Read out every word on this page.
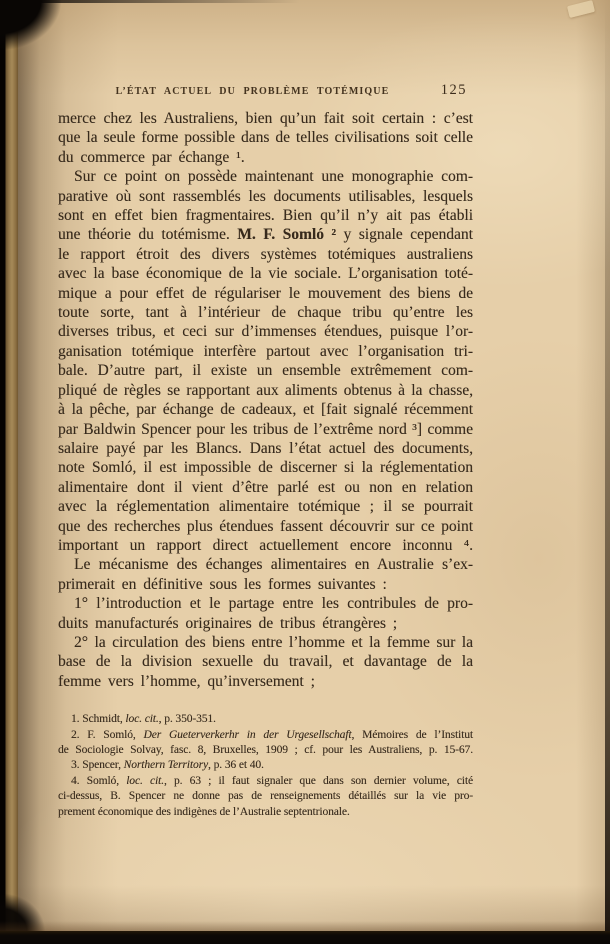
L’ÉTAT ACTUEL DU PROBLÈME TOTÉMIQUE	125
merce chez les Australiens, bien qu’un fait soit certain : c’est
que la seule forme possible dans de telles civilisations soit celle
du commerce par échange ¹.
Sur ce point on possède maintenant une monographie com-
parative où sont rassemblés les documents utilisables, lesquels
sont en effet bien fragmentaires. Bien qu’il n’y ait pas établi
une théorie du totémisme. M. F. Somló ² y signale cependant
le rapport étroit des divers systèmes totémiques australiens
avec la base économique de la vie sociale. L’organisation toté-
mique a pour effet de régulariser le mouvement des biens de
toute sorte, tant à l’intérieur de chaque tribu qu’entre les
diverses tribus, et ceci sur d’immenses étendues, puisque l’or-
ganisation totémique interfère partout avec l’organisation tri-
bale. D’autre part, il existe un ensemble extrêmement com-
pliqué de règles se rapportant aux aliments obtenus à la chasse,
à la pêche, par échange de cadeaux, et [fait signalé récemment
par Baldwin Spencer pour les tribus de l’extrême nord ³] comme
salaire payé par les Blancs. Dans l’état actuel des documents,
note Somló, il est impossible de discerner si la réglementation
alimentaire dont il vient d’être parlé est ou non en relation
avec la réglementation alimentaire totémique ; il se pourrait
que des recherches plus étendues fassent découvrir sur ce point
important un rapport direct actuellement encore inconnu ⁴.
Le mécanisme des échanges alimentaires en Australie s’ex-
primerait en définitive sous les formes suivantes :
1° l’introduction et le partage entre les contribules de pro-
duits manufacturés originaires de tribus étrangères ;
2° la circulation des biens entre l’homme et la femme sur la
base de la division sexuelle du travail, et davantage de la
femme vers l’homme, qu’inversement ;
1. Schmidt, loc. cit., p. 350-351.
2. F. Somló, Der Gueterverkerhr in der Urgesellschaft, Mémoires de l’Institut
de Sociologie Solvay, fasc. 8, Bruxelles, 1909 ; cf. pour les Australiens, p. 15-67.
3. Spencer, Northern Territory, p. 36 et 40.
4. Somló, loc. cit., p. 63 ; il faut signaler que dans son dernier volume, cité
ci-dessus, B. Spencer ne donne pas de renseignements détaillés sur la vie pro-
prement économique des indigènes de l’Australie septentrionale.
